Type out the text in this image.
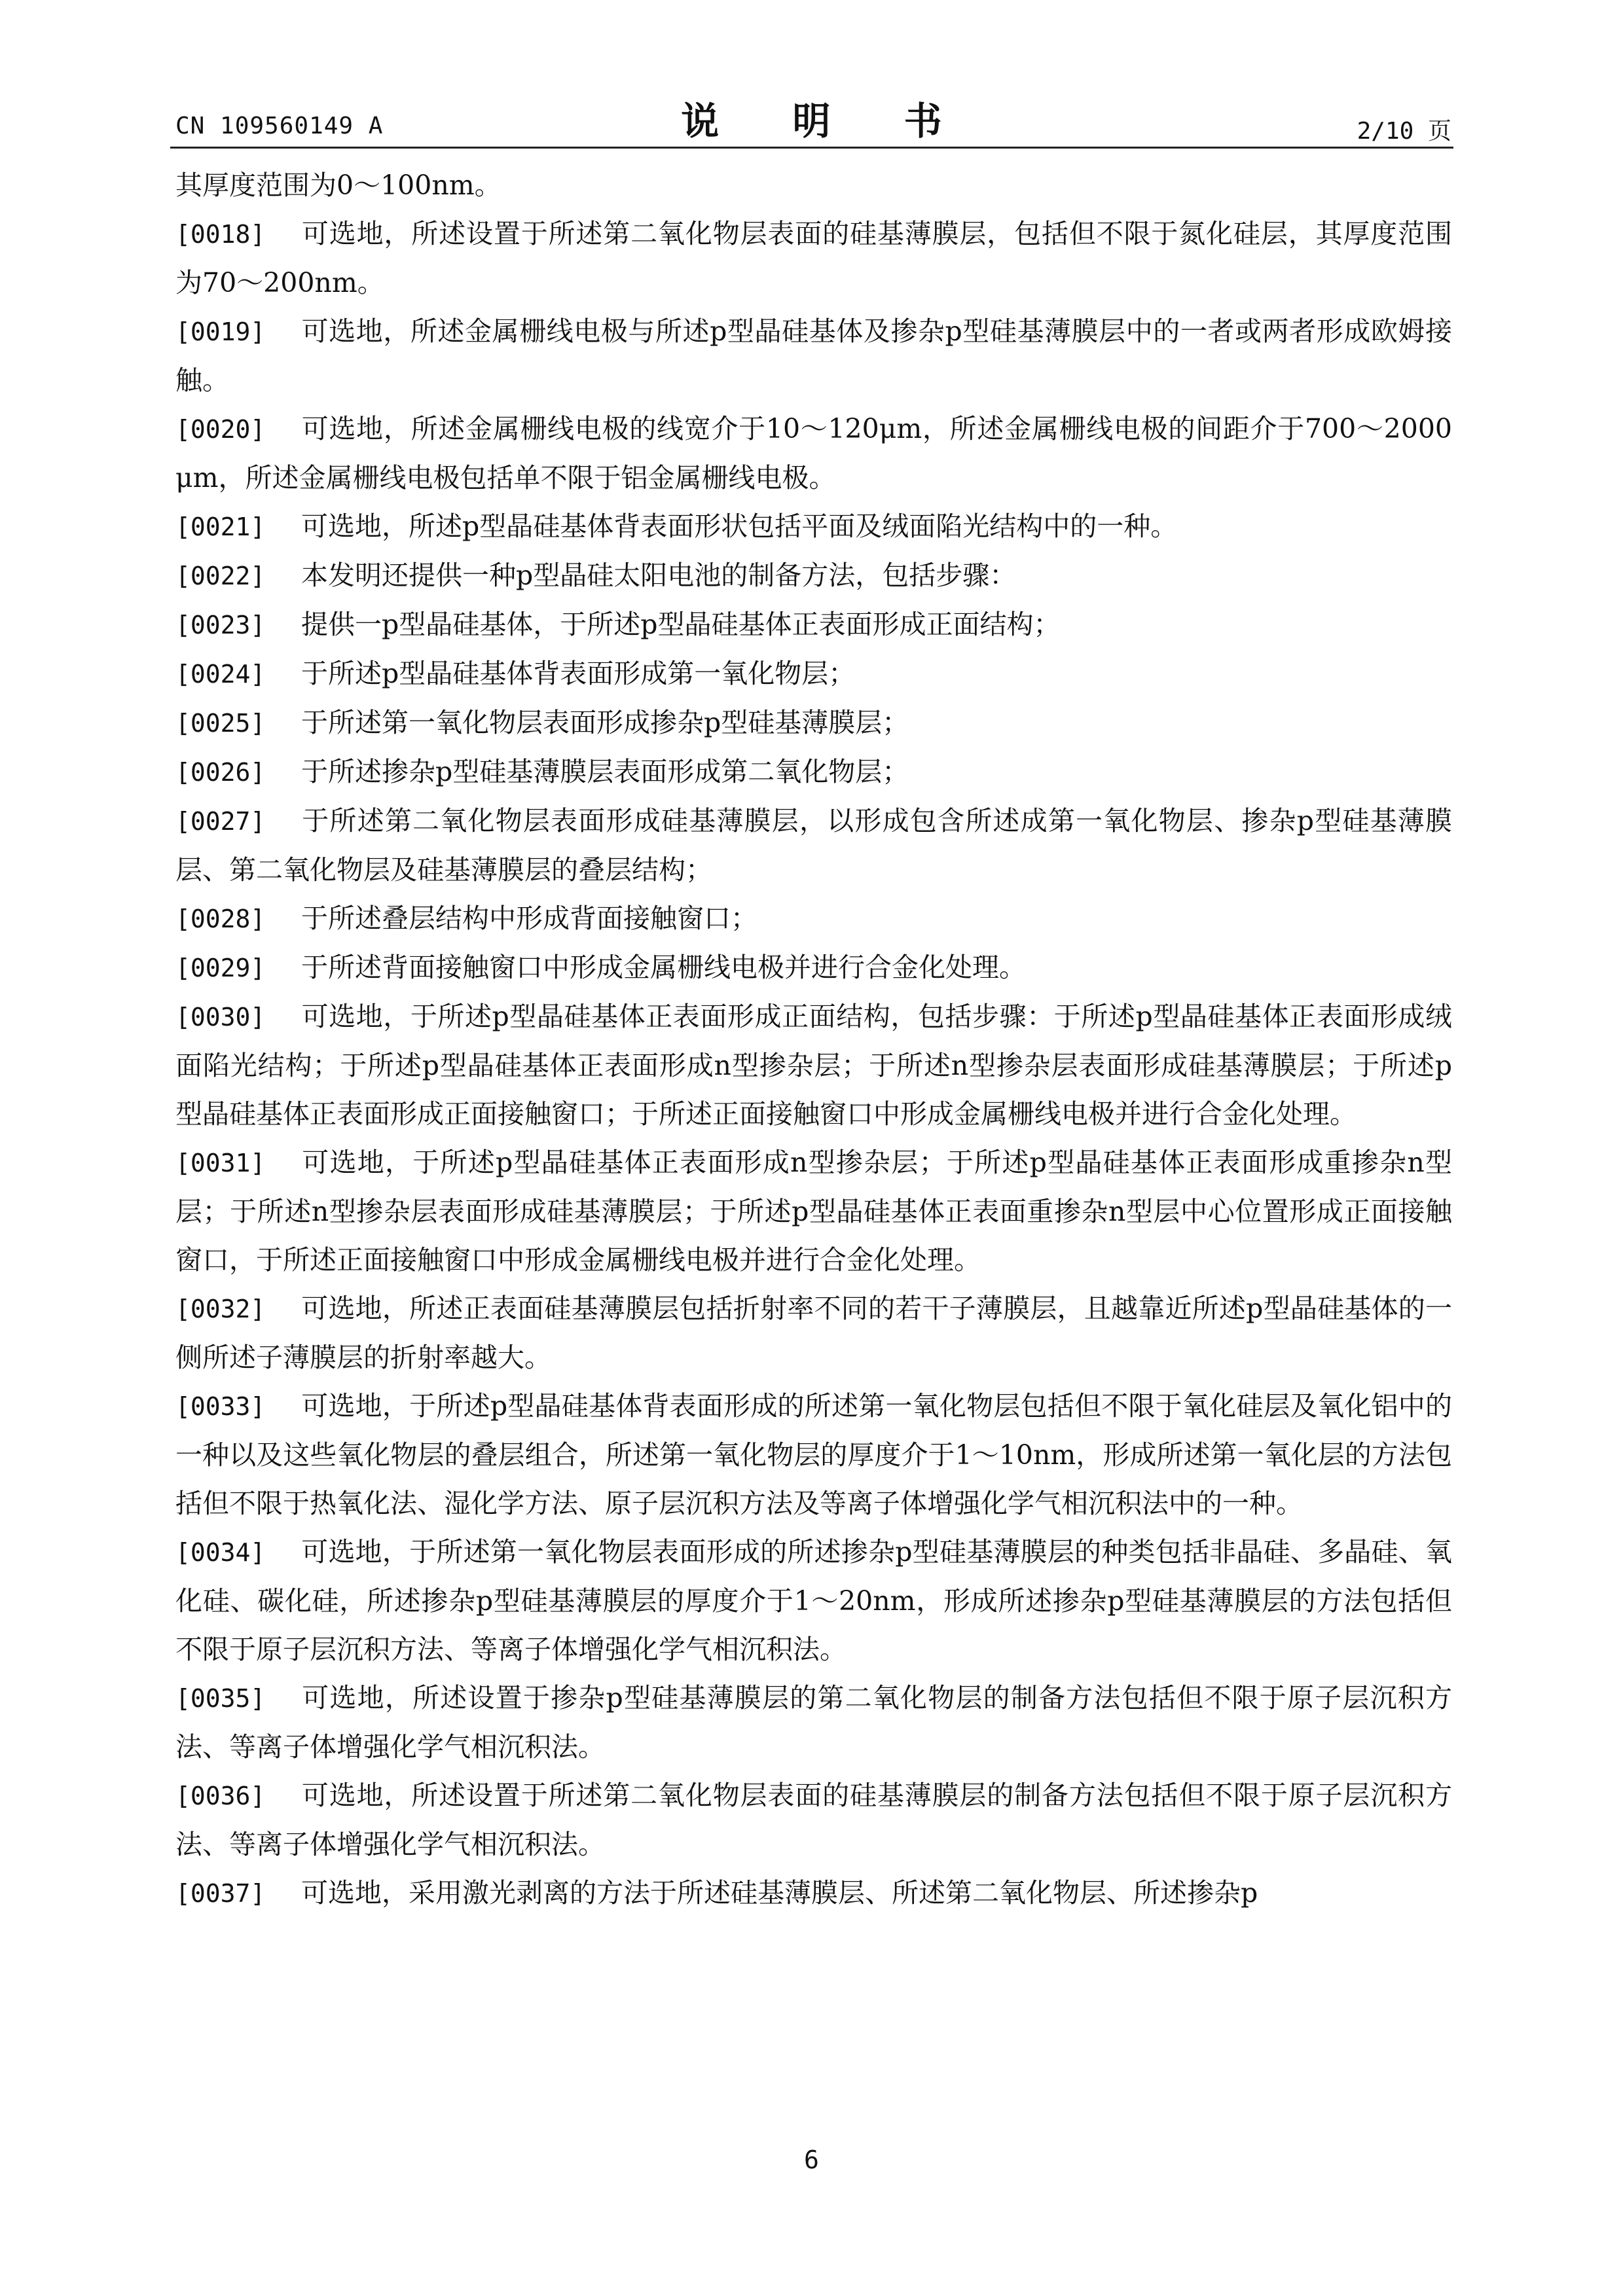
CN 109560149 A	说 明 书	2/10 页

其厚度范围为0～100nm。

[0018] 可选地，所述设置于所述第二氧化物层表面的硅基薄膜层，包括但不限于氮化硅层，其厚度范围为70～200nm。

[0019] 可选地，所述金属栅线电极与所述p型晶硅基体及掺杂p型硅基薄膜层中的一者或两者形成欧姆接触。

[0020] 可选地，所述金属栅线电极的线宽介于10～120μm，所述金属栅线电极的间距介于700～2000μm，所述金属栅线电极包括单不限于铝金属栅线电极。

[0021] 可选地，所述p型晶硅基体背表面形状包括平面及绒面陷光结构中的一种。

[0022] 本发明还提供一种p型晶硅太阳电池的制备方法，包括步骤：

[0023] 提供一p型晶硅基体，于所述p型晶硅基体正表面形成正面结构；

[0024] 于所述p型晶硅基体背表面形成第一氧化物层；

[0025] 于所述第一氧化物层表面形成掺杂p型硅基薄膜层；

[0026] 于所述掺杂p型硅基薄膜层表面形成第二氧化物层；

[0027] 于所述第二氧化物层表面形成硅基薄膜层，以形成包含所述成第一氧化物层、掺杂p型硅基薄膜层、第二氧化物层及硅基薄膜层的叠层结构；

[0028] 于所述叠层结构中形成背面接触窗口；

[0029] 于所述背面接触窗口中形成金属栅线电极并进行合金化处理。

[0030] 可选地，于所述p型晶硅基体正表面形成正面结构，包括步骤：于所述p型晶硅基体正表面形成绒面陷光结构；于所述p型晶硅基体正表面形成n型掺杂层；于所述n型掺杂层表面形成硅基薄膜层；于所述p型晶硅基体正表面形成正面接触窗口；于所述正面接触窗口中形成金属栅线电极并进行合金化处理。

[0031] 可选地，于所述p型晶硅基体正表面形成n型掺杂层；于所述p型晶硅基体正表面形成重掺杂n型层；于所述n型掺杂层表面形成硅基薄膜层；于所述p型晶硅基体正表面重掺杂n型层中心位置形成正面接触窗口，于所述正面接触窗口中形成金属栅线电极并进行合金化处理。

[0032] 可选地，所述正表面硅基薄膜层包括折射率不同的若干子薄膜层，且越靠近所述p型晶硅基体的一侧所述子薄膜层的折射率越大。

[0033] 可选地，于所述p型晶硅基体背表面形成的所述第一氧化物层包括但不限于氧化硅层及氧化铝中的一种以及这些氧化物层的叠层组合，所述第一氧化物层的厚度介于1～10nm，形成所述第一氧化层的方法包括但不限于热氧化法、湿化学方法、原子层沉积方法及等离子体增强化学气相沉积法中的一种。

[0034] 可选地，于所述第一氧化物层表面形成的所述掺杂p型硅基薄膜层的种类包括非晶硅、多晶硅、氧化硅、碳化硅，所述掺杂p型硅基薄膜层的厚度介于1～20nm，形成所述掺杂p型硅基薄膜层的方法包括但不限于原子层沉积方法、等离子体增强化学气相沉积法。

[0035] 可选地，所述设置于掺杂p型硅基薄膜层的第二氧化物层的制备方法包括但不限于原子层沉积方法、等离子体增强化学气相沉积法。

[0036] 可选地，所述设置于所述第二氧化物层表面的硅基薄膜层的制备方法包括但不限于原子层沉积方法、等离子体增强化学气相沉积法。

[0037] 可选地，采用激光剥离的方法于所述硅基薄膜层、所述第二氧化物层、所述掺杂p

6
